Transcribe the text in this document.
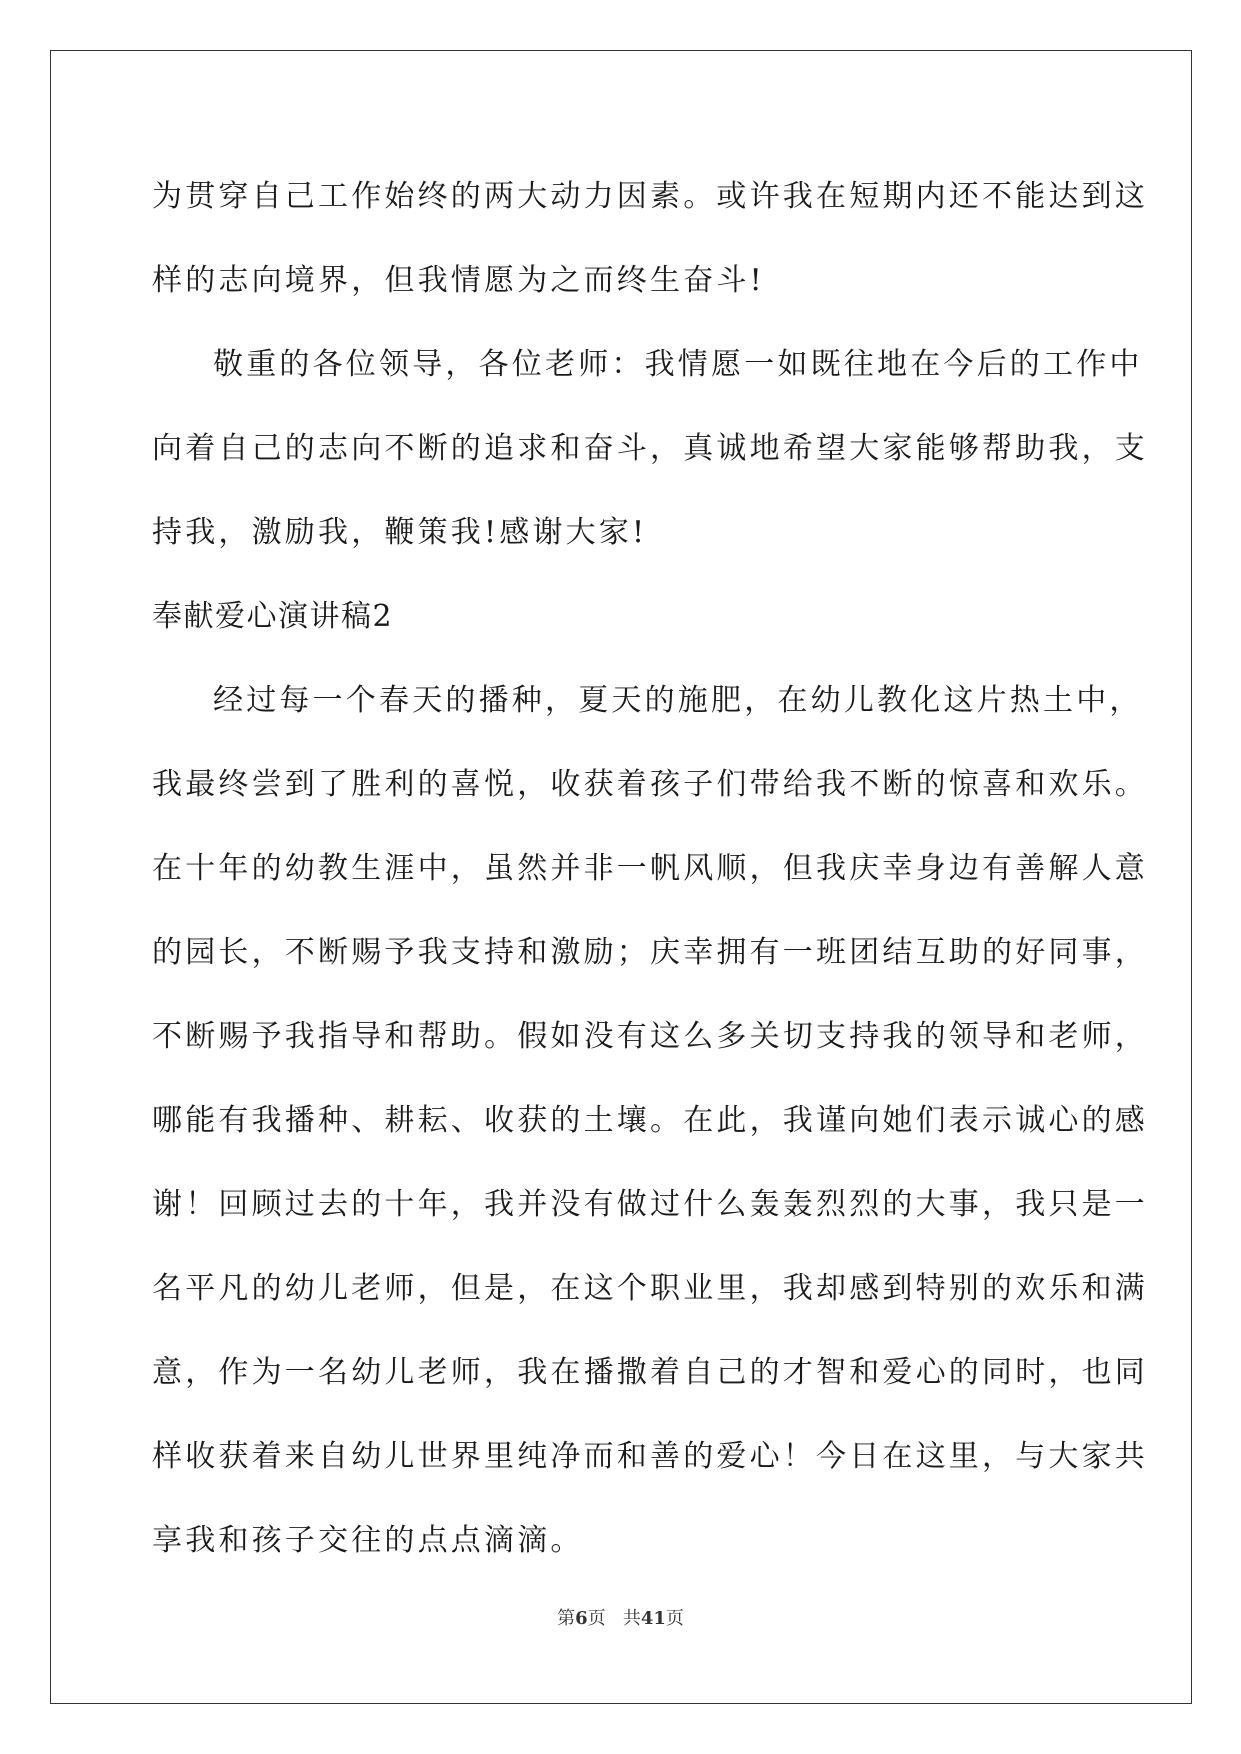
为贯穿自己工作始终的两大动力因素。或许我在短期内还不能达到这
样的志向境界，但我情愿为之而终生奋斗!
敬重的各位领导，各位老师：我情愿一如既往地在今后的工作中
向着自己的志向不断的追求和奋斗，真诚地希望大家能够帮助我，支
持我，激励我，鞭策我!感谢大家!
奉献爱心演讲稿2
经过每一个春天的播种，夏天的施肥，在幼儿教化这片热土中，
我最终尝到了胜利的喜悦，收获着孩子们带给我不断的惊喜和欢乐。
在十年的幼教生涯中，虽然并非一帆风顺，但我庆幸身边有善解人意
的园长，不断赐予我支持和激励；庆幸拥有一班团结互助的好同事，
不断赐予我指导和帮助。假如没有这么多关切支持我的领导和老师，
哪能有我播种、耕耘、收获的土壤。在此，我谨向她们表示诚心的感
谢！回顾过去的十年，我并没有做过什么轰轰烈烈的大事，我只是一
名平凡的幼儿老师，但是，在这个职业里，我却感到特别的欢乐和满
意，作为一名幼儿老师，我在播撒着自己的才智和爱心的同时，也同
样收获着来自幼儿世界里纯净而和善的爱心！今日在这里，与大家共
享我和孩子交往的点点滴滴。
第6页 共41页
